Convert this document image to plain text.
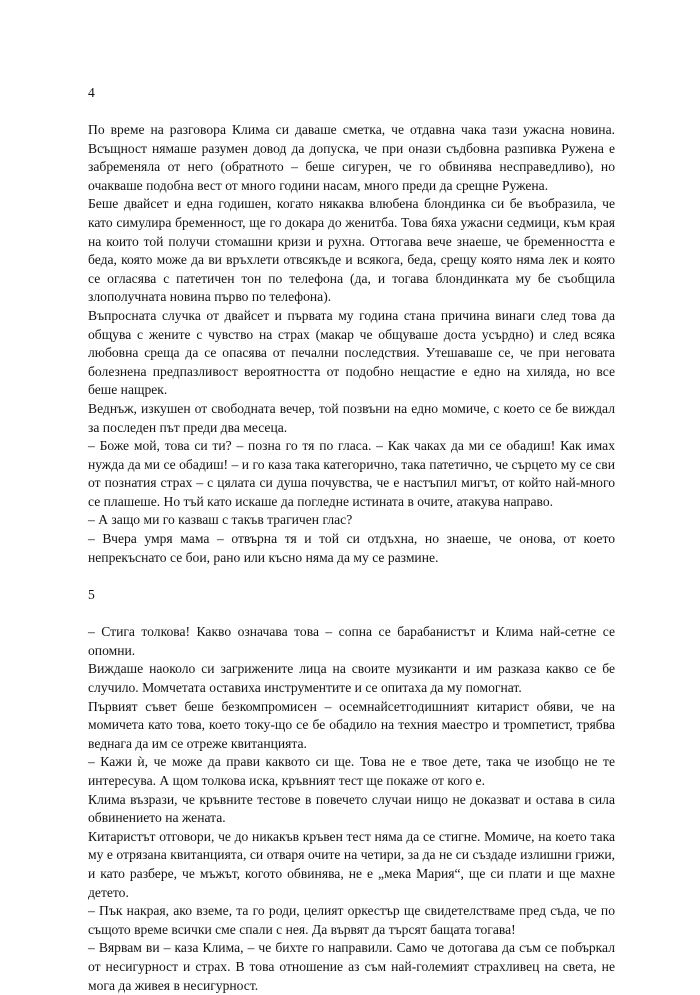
4

По време на разговора Клима си даваше сметка, че отдавна чака тази ужасна новина. Всъщност нямаше разумен довод да допуска, че при онази съдбовна разпивка Ружена е забременяла от него (обратното – беше сигурен, че го обвинява несправедливо), но очакваше подобна вест от много години насам, много преди да срещне Ружена.

Беше двайсет и една годишен, когато някаква влюбена блондинка си бе въобразила, че като симулира бременност, ще го докара до женитба. Това бяха ужасни седмици, към края на които той получи стомашни кризи и рухна. Оттогава вече знаеше, че бременността е беда, която може да ви връхлети отвсякъде и всякога, беда, срещу която няма лек и която се огласява с патетичен тон по телефона (да, и тогава блондинката му бе съобщила злополучната новина първо по телефона).

Въпросната случка от двайсет и първата му година стана причина винаги след това да общува с жените с чувство на страх (макар че общуваше доста усърдно) и след всяка любовна среща да се опасява от печални последствия. Утешаваше се, че при неговата болезнена предпазливост вероятността от подобно нещастие е едно на хиляда, но все беше нащрек.

Веднъж, изкушен от свободната вечер, той позвъни на едно момиче, с което се бе виждал за последен път преди два месеца.

– Боже мой, това си ти? – позна го тя по гласа. – Как чаках да ми се обадиш! Как имах нужда да ми се обадиш! – и го каза така категорично, така патетично, че сърцето му се сви от познатия страх – с цялата си душа почувства, че е настъпил мигът, от който най-много се плашеше. Но тъй като искаше да погледне истината в очите, атакува направо.

– А защо ми го казваш с такъв трагичен глас?

– Вчера умря мама – отвърна тя и той си отдъхна, но знаеше, че онова, от което непрекъснато се бои, рано или късно няма да му се размине.

5

– Стига толкова! Какво означава това – сопна се барабанистът и Клима най-сетне се опомни.

Виждаше наоколо си загрижените лица на своите музиканти и им разказа какво се бе случило. Момчетата оставиха инструментите и се опитаха да му помогнат.

Първият съвет беше безкомпромисен – осемнайсетгодишният китарист обяви, че на момичета като това, което току-що се бе обадило на техния маестро и тромпетист, трябва веднага да им се отреже квитанцията.

– Кажи ѝ, че може да прави каквото си ще. Това не е твое дете, така че изобщо не те интересува. А щом толкова иска, кръвният тест ще покаже от кого е.

Клима възрази, че кръвните тестове в повечето случаи нищо не доказват и остава в сила обвинението на жената.

Китаристът отговори, че до никакъв кръвен тест няма да се стигне. Момиче, на което така му е отрязана квитанцията, си отваря очите на четири, за да не си създаде излишни грижи, и като разбере, че мъжът, когото обвинява, не е „мека Мария“, ще си плати и ще махне детето.

– Пък накрая, ако вземе, та го роди, целият оркестър ще свидетелстваме пред съда, че по същото време всички сме спали с нея. Да вървят да търсят бащата тогава!

– Вярвам ви – каза Клима, – че бихте го направили. Само че дотогава да съм се побъркал от несигурност и страх. В това отношение аз съм най-големият страхливец на света, не мога да живея в несигурност.
